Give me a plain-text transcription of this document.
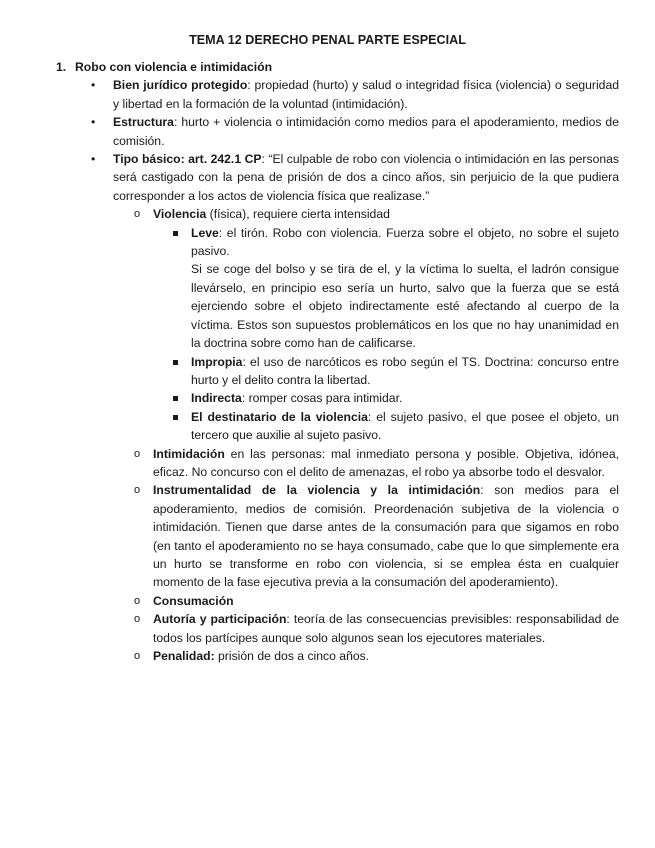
TEMA 12 DERECHO PENAL PARTE ESPECIAL
1. Robo con violencia e intimidación
• Bien jurídico protegido: propiedad (hurto) y salud o integridad física (violencia) o seguridad y libertad en la formación de la voluntad (intimidación).
• Estructura: hurto + violencia o intimidación como medios para el apoderamiento, medios de comisión.
• Tipo básico: art. 242.1 CP: “El culpable de robo con violencia o intimidación en las personas será castigado con la pena de prisión de dos a cinco años, sin perjuicio de la que pudiera corresponder a los actos de violencia física que realizase.”
o Violencia (física), requiere cierta intensidad
Leve: el tirón. Robo con violencia. Fuerza sobre el objeto, no sobre el sujeto pasivo.

Si se coge del bolso y se tira de el, y la víctima lo suelta, el ladrón consigue llevárselo, en principio eso sería un hurto, salvo que la fuerza que se está ejerciendo sobre el objeto indirectamente esté afectando al cuerpo de la víctima. Estos son supuestos problemáticos en los que no hay unanimidad en la doctrina sobre como han de calificarse.

Impropia: el uso de narcóticos es robo según el TS. Doctrina: concurso entre hurto y el delito contra la libertad.
Indirecta: romper cosas para intimidar.
El destinatario de la violencia: el sujeto pasivo, el que posee el objeto, un tercero que auxilie al sujeto pasivo.
o Intimidación en las personas: mal inmediato persona y posible. Objetiva, idónea, eficaz. No concurso con el delito de amenazas, el robo ya absorbe todo el desvalor.
o Instrumentalidad de la violencia y la intimidación: son medios para el apoderamiento, medios de comisión. Preordenación subjetiva de la violencia o intimidación. Tienen que darse antes de la consumación para que sigamos en robo (en tanto el apoderamiento no se haya consumado, cabe que lo que simplemente era un hurto se transforme en robo con violencia, si se emplea ésta en cualquier momento de la fase ejecutiva previa a la consumación del apoderamiento).
o Consumación
o Autoría y participación: teoría de las consecuencias previsibles: responsabilidad de todos los partícipes aunque solo algunos sean los ejecutores materiales.
o Penalidad: prisión de dos a cinco años.
